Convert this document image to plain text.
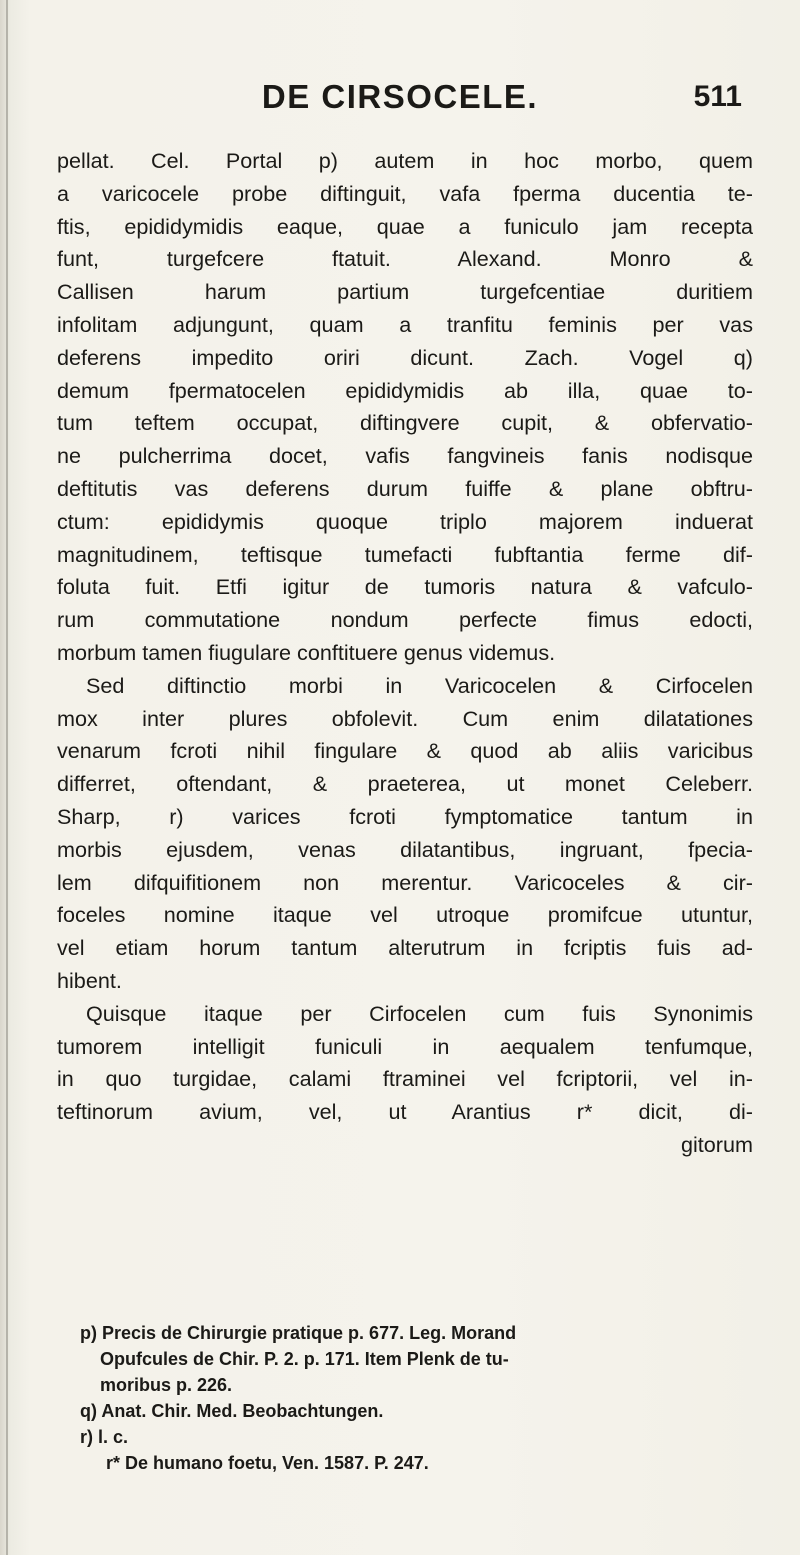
DE CIRSOCELE.	511
pellat. Cel. Portal p) autem in hoc morbo, quem
a varicocele probe diftinguit, vafa fperma ducentia te-
ftis, epididymidis eaque, quae a funiculo jam recepta
funt, turgefcere ftatuit. Alexand. Monro &
Callisen harum partium turgefcentiae duritiem
infolitam adjungunt, quam a tranfitu feminis per vas
deferens impedito oriri dicunt. Zach. Vogel q)
demum fpermatocelen epididymidis ab illa, quae to-
tum teftem occupat, diftingvere cupit, & obfervatio-
ne pulcherrima docet, vafis fangvineis fanis nodisque
deftitutis vas deferens durum fuiffe & plane obftru-
ctum: epididymis quoque triplo majorem induerat
magnitudinem, teftisque tumefacti fubftantia ferme dif-
foluta fuit. Etfi igitur de tumoris natura & vafculo-
rum commutatione nondum perfecte fimus edocti,
morbum tamen fiugulare conftituere genus videmus.
Sed diftinctio morbi in Varicocelen & Cirfocelen
mox inter plures obfolevit. Cum enim dilatationes
venarum fcroti nihil fingulare & quod ab aliis varicibus
differret, oftendant, & praeterea, ut monet Celeberr.
Sharp, r) varices fcroti fymptomatice tantum in
morbis ejusdem, venas dilatantibus, ingruant, fpecia-
lem difquifitionem non merentur. Varicoceles & cir-
foceles nomine itaque vel utroque promifcue utuntur,
vel etiam horum tantum alterutrum in fcriptis fuis ad-
hibent.
Quisque itaque per Cirfocelen cum fuis Synonimis
tumorem intelligit funiculi in aequalem tenfumque,
in quo turgidae, calami ftraminei vel fcriptorii, vel in-
teftinorum avium, vel, ut Arantius r* dicit, di-
gitorum
p) Precis de Chirurgie pratique p. 677. Leg. Morand
Opufcules de Chir. P. 2. p. 171. Item Plenk de tu-
moribus p. 226.
q) Anat. Chir. Med. Beobachtungen.
r) l. c.
r* De humano foetu, Ven. 1587. P. 247.
